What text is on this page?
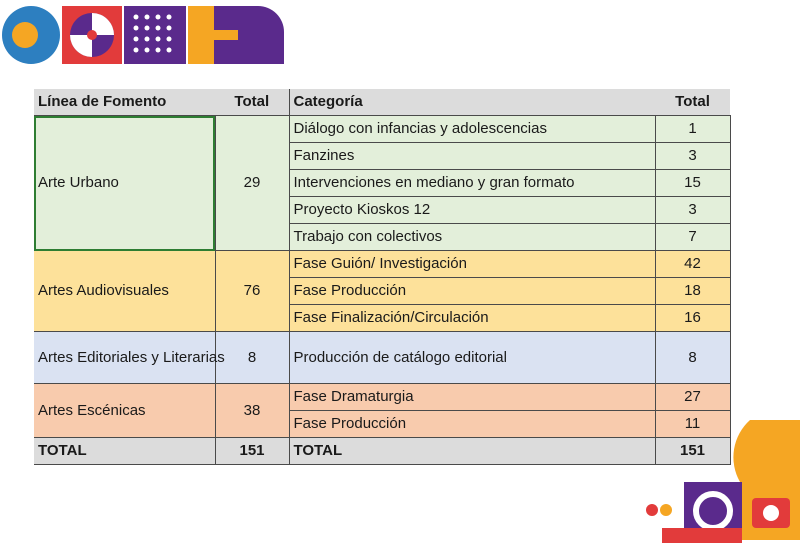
Línea de Fomento	Total	Categoría	Total
Arte Urbano	29	Diálogo con infancias y adolescencias	1
		Fanzines	3
		Intervenciones en mediano y gran formato	15
		Proyecto Kioskos 12	3
		Trabajo con colectivos	7
Artes Audiovisuales	76	Fase Guión/ Investigación	42
		Fase Producción	18
		Fase Finalización/Circulación	16
Artes Editoriales y Literarias	8	Producción de catálogo editorial	8
Artes Escénicas	38	Fase Dramaturgia	27
		Fase Producción	11
TOTAL	151	TOTAL	151
